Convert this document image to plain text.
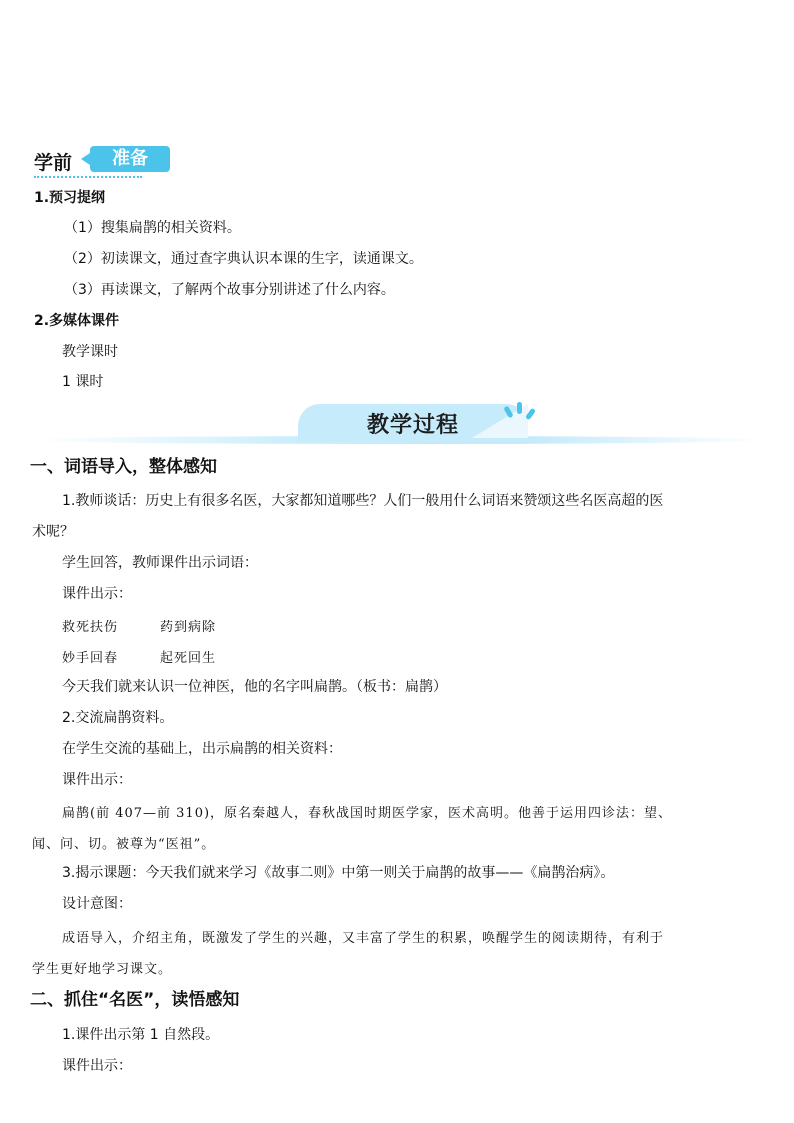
学前	准备
1.预习提纲
（1）搜集扁鹊的相关资料。
（2）初读课文，通过查字典认识本课的生字，读通课文。
（3）再读课文，了解两个故事分别讲述了什么内容。
2.多媒体课件
教学课时
1 课时
教学过程
一、词语导入，整体感知
1.教师谈话：历史上有很多名医，大家都知道哪些？人们一般用什么词语来赞颂这些名医高超的医
术呢？
学生回答，教师课件出示词语：
课件出示：
救死扶伤	药到病除
妙手回春	起死回生
今天我们就来认识一位神医，他的名字叫扁鹊。（板书：扁鹊）
2.交流扁鹊资料。
在学生交流的基础上，出示扁鹊的相关资料：
课件出示：
扁鹊(前 407—前 310)，原名秦越人，春秋战国时期医学家，医术高明。他善于运用四诊法：望、
闻、问、切。被尊为“医祖”。
3.揭示课题：今天我们就来学习《故事二则》中第一则关于扁鹊的故事——《扁鹊治病》。
设计意图：
成语导入，介绍主角，既激发了学生的兴趣，又丰富了学生的积累，唤醒学生的阅读期待，有利于
学生更好地学习课文。
二、抓住“名医”，读悟感知
1.课件出示第 1 自然段。
课件出示：
